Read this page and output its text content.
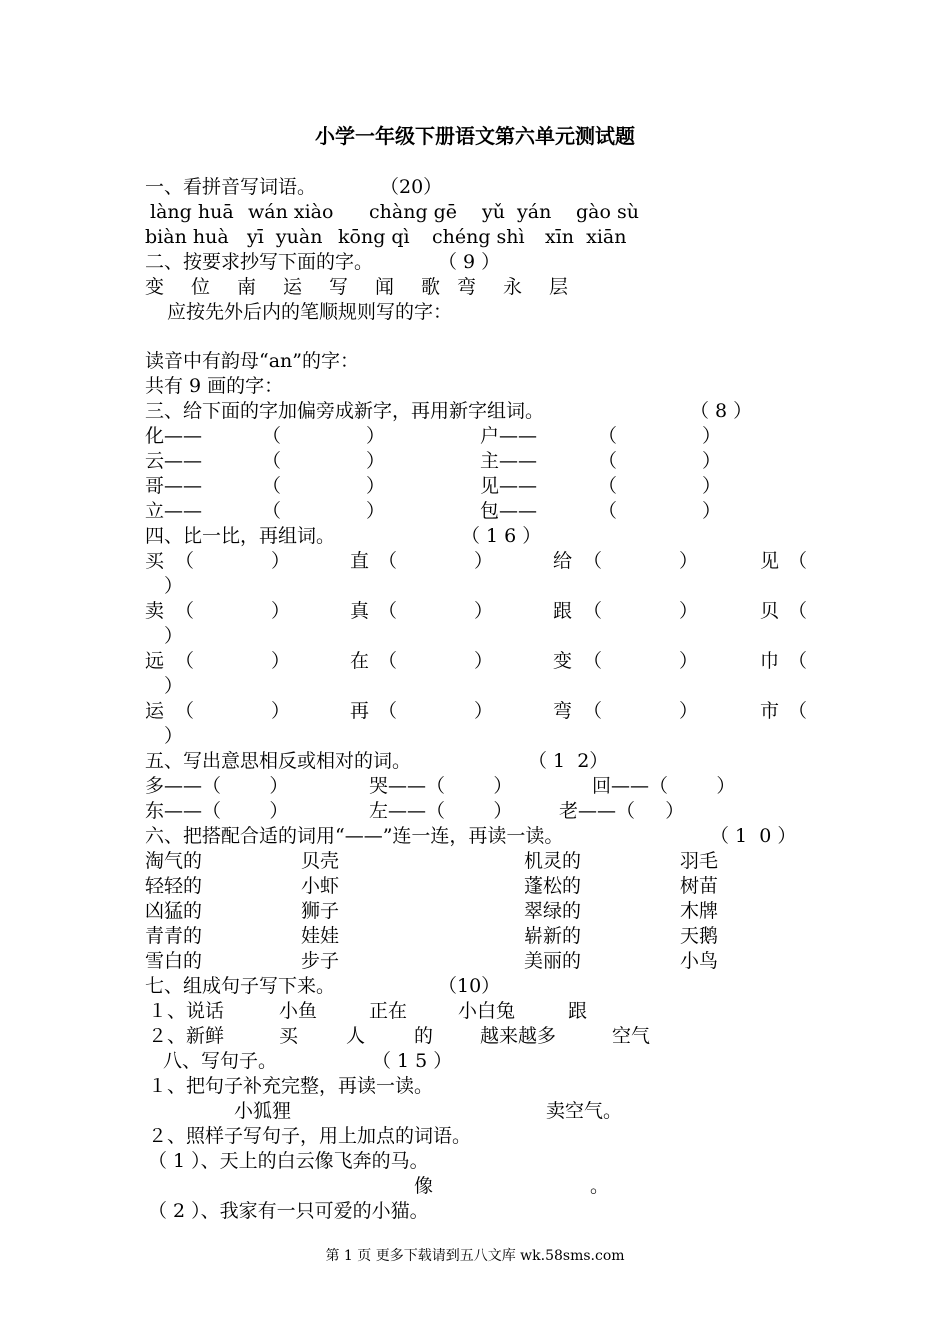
小学一年级下册语文第六单元测试题
一、看拼音写词语。	（20）
làng huā wán xiào chàng gē yǔ  yán gào sù
biàn huà yī  yuàn kōng qì chéng shì xīn  xiān
二、按要求抄写下面的字。	（ 9 ）
变 位 南 运 写 闻 歌 弯 永 层
应按先外后内的笔顺规则写的字：
读音中有韵母“an”的字：
共有 9 画的字：
三、给下面的字加偏旁成新字，再用新字组词。	（ 8 ）
化——	（	）	户——	（	）
云——	（	）	主——	（	）
哥——	（	）	见——	（	）
立——	（	）	包——	（	）
四、比一比，再组词。	（ 1 6 ）
买 （	）	直 （	）	给 （	）	见 （
）
卖 （	）	真 （	）	跟 （	）	贝 （
）
远 （	）	在 （	）	变 （	）	巾 （
）
运 （	）	再 （	）	弯 （	）	市 （
）
五、写出意思相反或相对的词。	（ 1  2）
多——（        ）	哭——（        ）	回——（        ）
东——（        ）	左——（        ） 老——（     ）
六、把搭配合适的词用“——”连一连，再读一读。	（ 1  0 ）
淘气的	贝壳	机灵的	羽毛
轻轻的	小虾	蓬松的	树苗
凶猛的	狮子	翠绿的	木牌
青青的	娃娃	崭新的	天鹅
雪白的	步子	美丽的	小鸟
七、组成句子写下来。	（10）
１、说话	小鱼	正在	小白兔	跟
２、新鲜	买	人	的 越来越多	空气
八、写句子。	（ 1 5 ）
１、把句子补充完整，再读一读。
小狐狸	卖空气。
２、照样子写句子，用上加点的词语。
（ 1 ）、天上的白云像飞奔的马。
像	。
（ 2 ）、我家有一只可爱的小猫。
第 1 页 更多下载请到五八文库 wk.58sms.com
